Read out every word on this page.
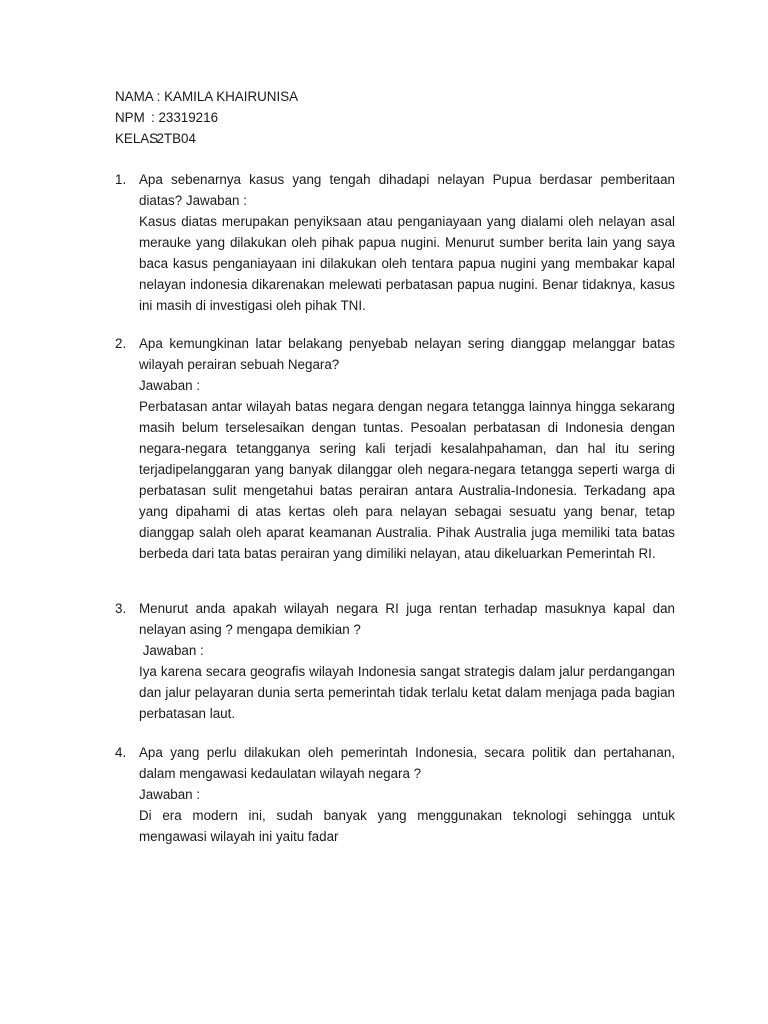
NAMA : KAMILA KHAIRUNISA
NPM : 23319216
KELAS: 2TB04
1. Apa sebenarnya kasus yang tengah dihadapi nelayan Pupua berdasar pemberitaan diatas? Jawaban :

Kasus diatas merupakan penyiksaan atau penganiayaan yang dialami oleh nelayan asal merauke yang dilakukan oleh pihak papua nugini. Menurut sumber berita lain yang saya baca kasus penganiayaan ini dilakukan oleh tentara papua nugini yang membakar kapal nelayan indonesia dikarenakan melewati perbatasan papua nugini. Benar tidaknya, kasus ini masih di investigasi oleh pihak TNI.

2. Apa kemungkinan latar belakang penyebab nelayan sering dianggap melanggar batas wilayah perairan sebuah Negara?

Jawaban :

Perbatasan antar wilayah batas negara dengan negara tetangga lainnya hingga sekarang masih belum terselesaikan dengan tuntas. Pesoalan perbatasan di Indonesia dengan negara-negara tetangganya sering kali terjadi kesalahpahaman, dan hal itu sering terjadipelanggaran yang banyak dilanggar oleh negara-negara tetangga seperti warga di perbatasan sulit mengetahui batas perairan antara Australia-Indonesia. Terkadang apa yang dipahami di atas kertas oleh para nelayan sebagai sesuatu yang benar, tetap dianggap salah oleh aparat keamanan Australia. Pihak Australia juga memiliki tata batas berbeda dari tata batas perairan yang dimiliki nelayan, atau dikeluarkan Pemerintah RI.

3. Menurut anda apakah wilayah negara RI juga rentan terhadap masuknya kapal dan nelayan asing ? mengapa demikian ?

Jawaban :

Iya karena secara geografis wilayah Indonesia sangat strategis dalam jalur perdangangan dan jalur pelayaran dunia serta pemerintah tidak terlalu ketat dalam menjaga pada bagian perbatasan laut.

4. Apa yang perlu dilakukan oleh pemerintah Indonesia, secara politik dan pertahanan, dalam mengawasi kedaulatan wilayah negara ?

Jawaban :

Di era modern ini, sudah banyak yang menggunakan teknologi sehingga untuk mengawasi wilayah ini yaitu fadar
